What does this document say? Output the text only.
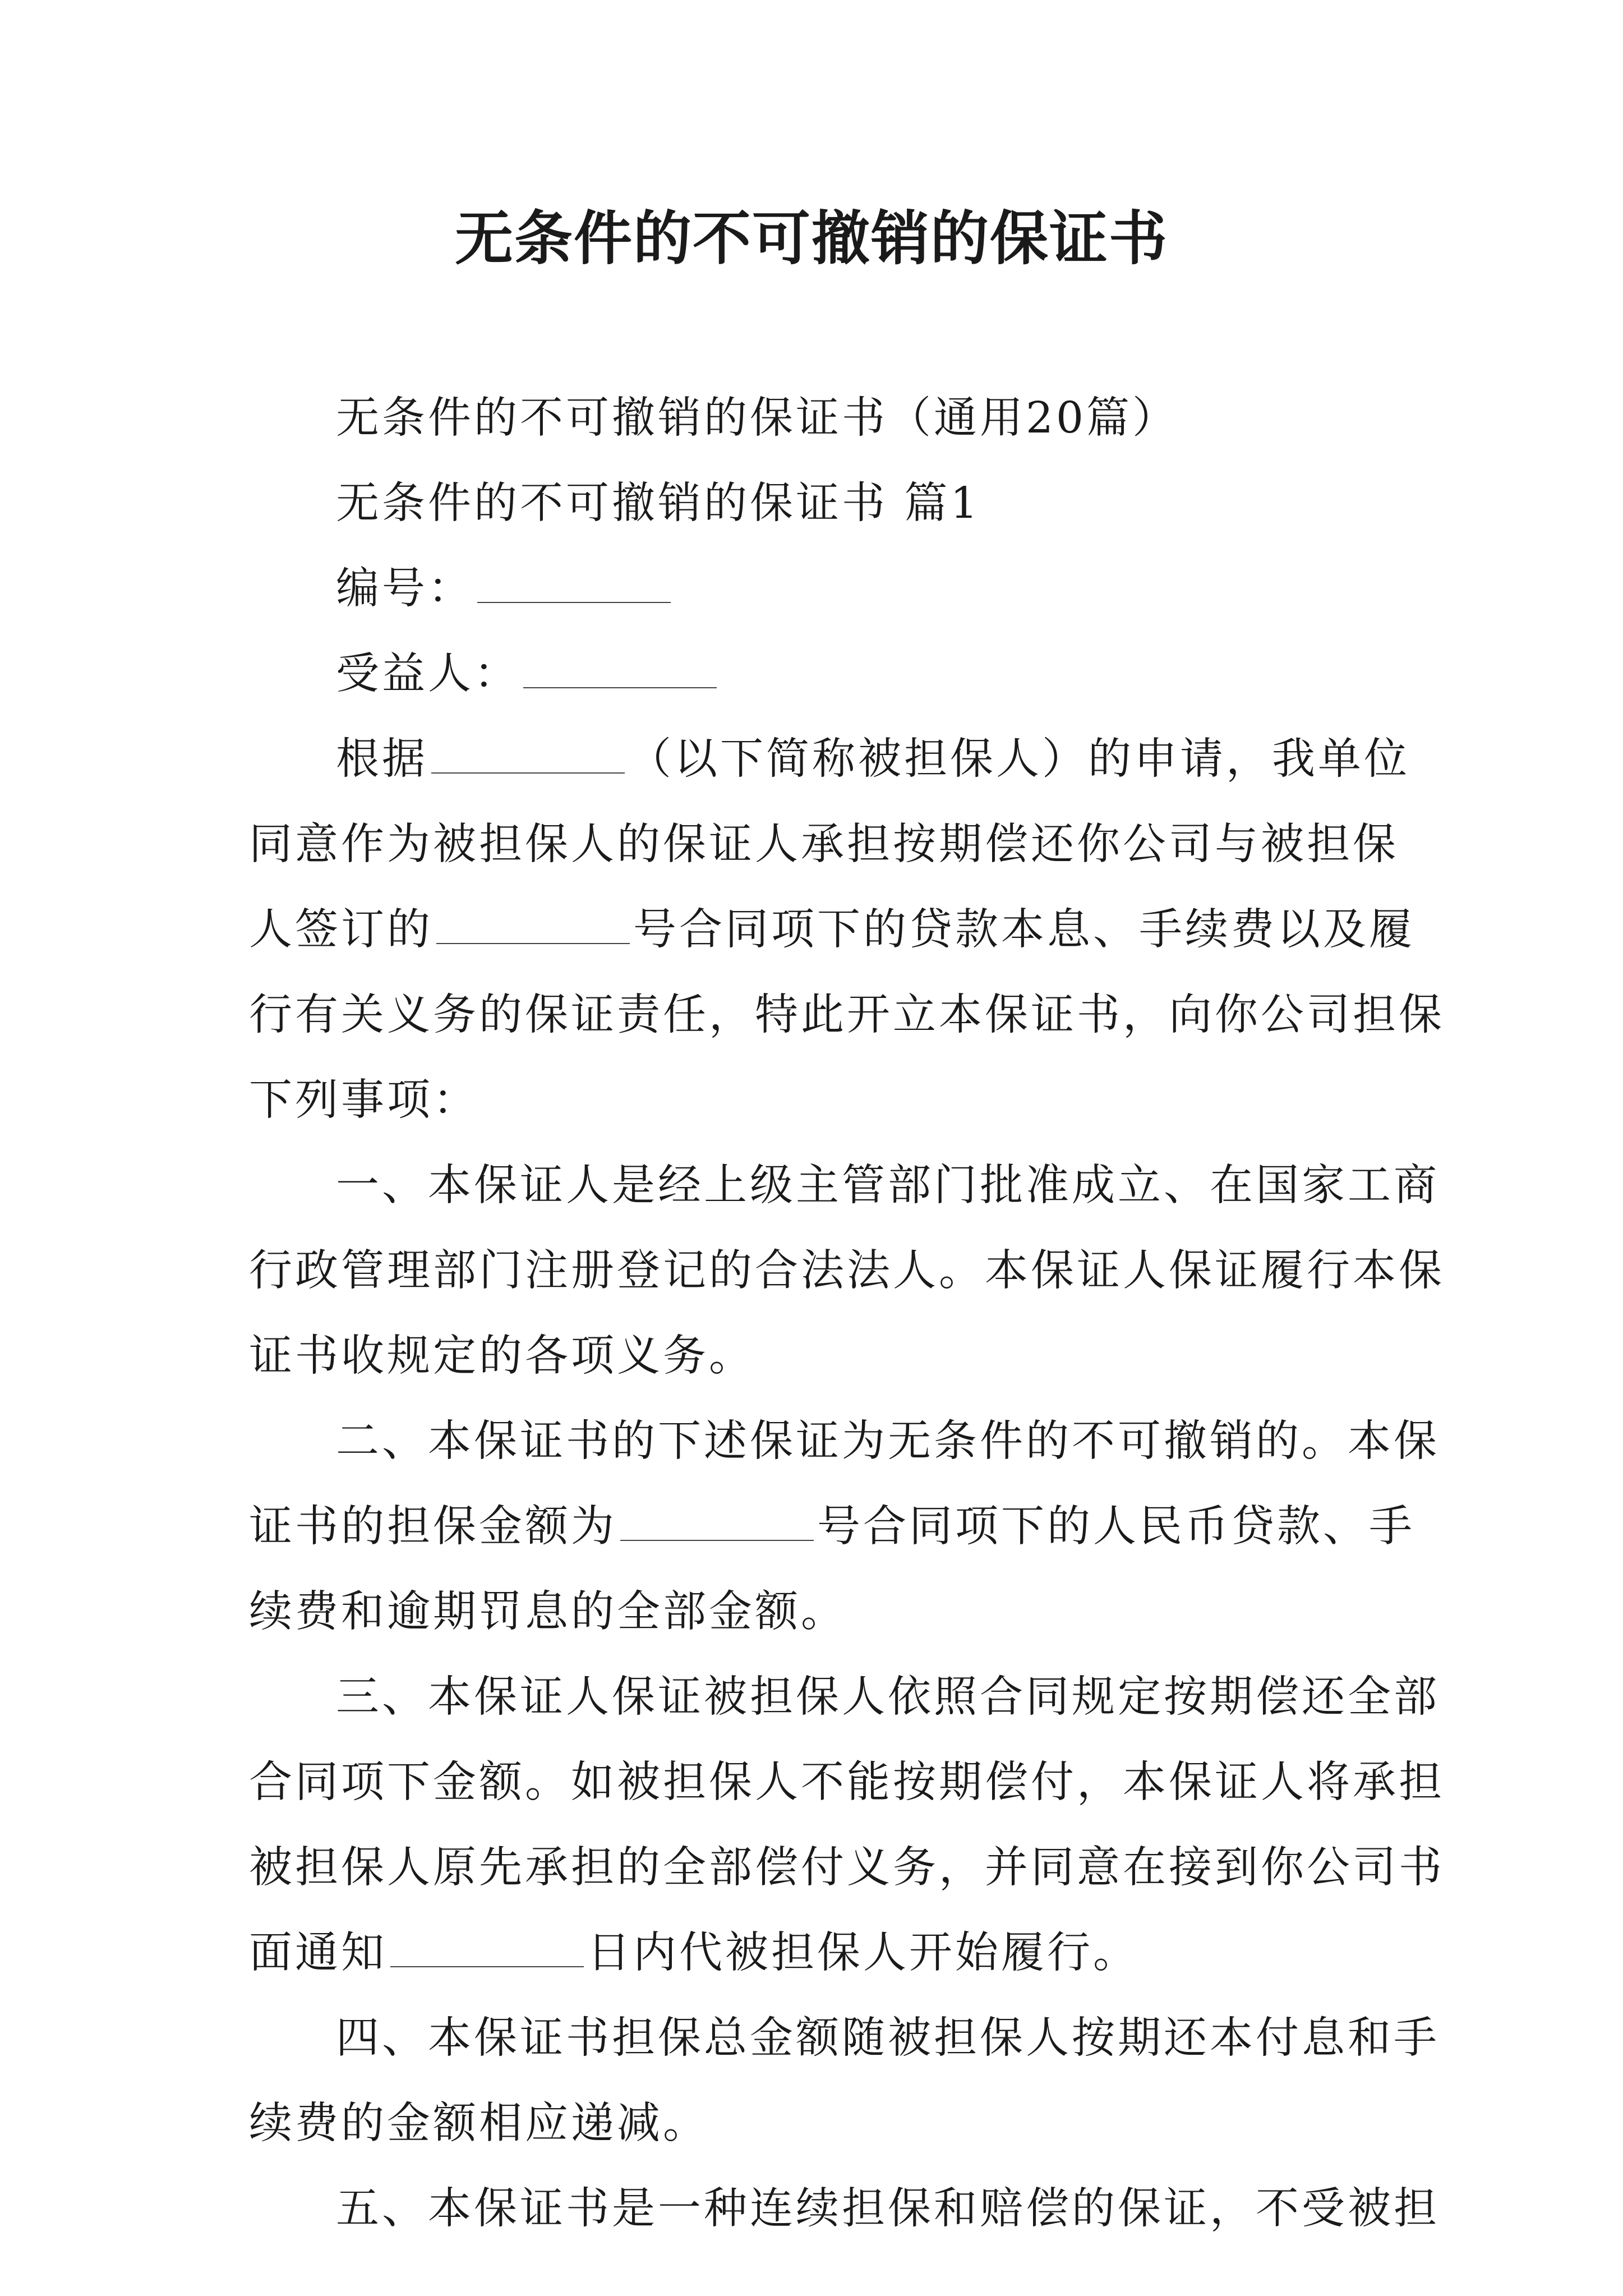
无条件的不可撤销的保证书
无条件的不可撤销的保证书（通用20篇）
无条件的不可撤销的保证书 篇1
编号：
受益人：
根据	（以下简称被担保人）的申请，我单位
同意作为被担保人的保证人承担按期偿还你公司与被担保
人签订的	号合同项下的贷款本息、手续费以及履
行有关义务的保证责任，特此开立本保证书，向你公司担保
下列事项：
一、本保证人是经上级主管部门批准成立、在国家工商
行政管理部门注册登记的合法法人。本保证人保证履行本保
证书收规定的各项义务。
二、本保证书的下述保证为无条件的不可撤销的。本保
证书的担保金额为	号合同项下的人民币贷款、手
续费和逾期罚息的全部金额。
三、本保证人保证被担保人依照合同规定按期偿还全部
合同项下金额。如被担保人不能按期偿付，本保证人将承担
被担保人原先承担的全部偿付义务，并同意在接到你公司书
面通知	日内代被担保人开始履行。
四、本保证书担保总金额随被担保人按期还本付息和手
续费的金额相应递减。
五、本保证书是一种连续担保和赔偿的保证，不受被担
